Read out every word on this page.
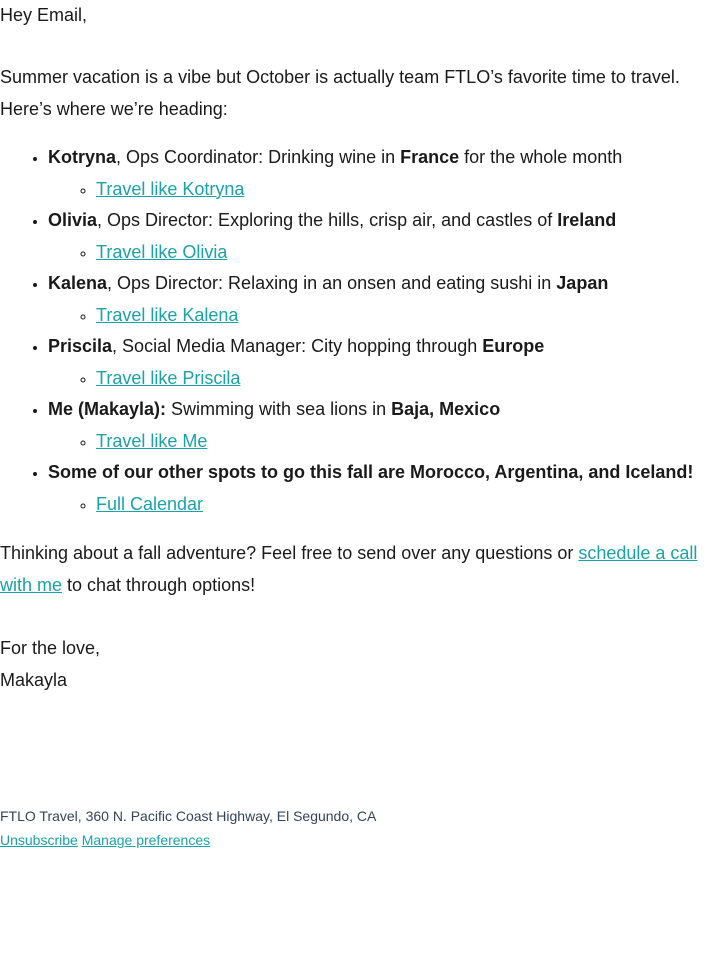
Hey Email,

Summer vacation is a vibe but October is actually team FTLO’s favorite time to travel. Here’s where we’re heading:

• Kotryna, Ops Coordinator: Drinking wine in France for the whole month
◦ Travel like Kotryna
• Olivia, Ops Director: Exploring the hills, crisp air, and castles of Ireland
◦ Travel like Olivia
• Kalena, Ops Director: Relaxing in an onsen and eating sushi in Japan
◦ Travel like Kalena
• Priscila, Social Media Manager: City hopping through Europe
◦ Travel like Priscila
• Me (Makayla): Swimming with sea lions in Baja, Mexico
◦ Travel like Me
• Some of our other spots to go this fall are Morocco, Argentina, and Iceland!
◦ Full Calendar

Thinking about a fall adventure? Feel free to send over any questions or schedule a call with me to chat through options!

For the love,
Makayla

FTLO Travel, 360 N. Pacific Coast Highway, El Segundo, CA
Unsubscribe Manage preferences
